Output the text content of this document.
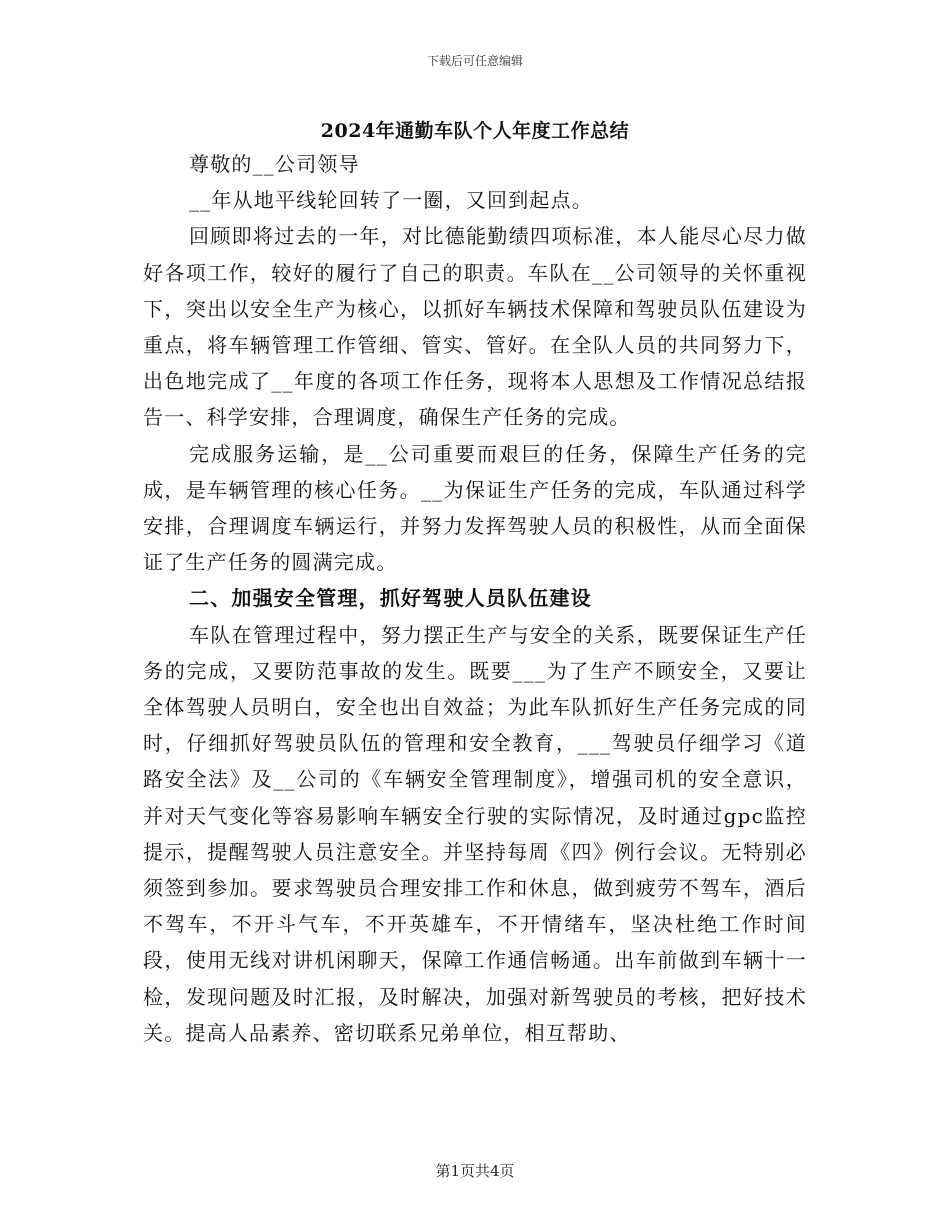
下载后可任意编辑
2024年通勤车队个人年度工作总结

尊敬的__公司领导

__年从地平线轮回转了一圈，又回到起点。

回顾即将过去的一年，对比德能勤绩四项标准，本人能尽心尽力做好各项工作，较好的履行了自己的职责。车队在__公司领导的关怀重视下，突出以安全生产为核心，以抓好车辆技术保障和驾驶员队伍建设为重点，将车辆管理工作管细、管实、管好。在全队人员的共同努力下，出色地完成了__年度的各项工作任务，现将本人思想及工作情况总结报告一、科学安排，合理调度，确保生产任务的完成。

完成服务运输，是__公司重要而艰巨的任务，保障生产任务的完成，是车辆管理的核心任务。__为保证生产任务的完成，车队通过科学安排，合理调度车辆运行，并努力发挥驾驶人员的积极性，从而全面保证了生产任务的圆满完成。

二、加强安全管理，抓好驾驶人员队伍建设

车队在管理过程中，努力摆正生产与安全的关系，既要保证生产任务的完成，又要防范事故的发生。既要___为了生产不顾安全，又要让全体驾驶人员明白，安全也出自效益；为此车队抓好生产任务完成的同时，仔细抓好驾驶员队伍的管理和安全教育，___驾驶员仔细学习《道路安全法》及__公司的《车辆安全管理制度》，增强司机的安全意识，并对天气变化等容易影响车辆安全行驶的实际情况，及时通过gpc监控提示，提醒驾驶人员注意安全。并坚持每周《四》例行会议。无特别必须签到参加。要求驾驶员合理安排工作和休息，做到疲劳不驾车，酒后不驾车，不开斗气车，不开英雄车，不开情绪车，坚决杜绝工作时间段，使用无线对讲机闲聊天，保障工作通信畅通。出车前做到车辆十一检，发现问题及时汇报，及时解决，加强对新驾驶员的考核，把好技术关。提高人品素养、密切联系兄弟单位，相互帮助、

第1页共4页
